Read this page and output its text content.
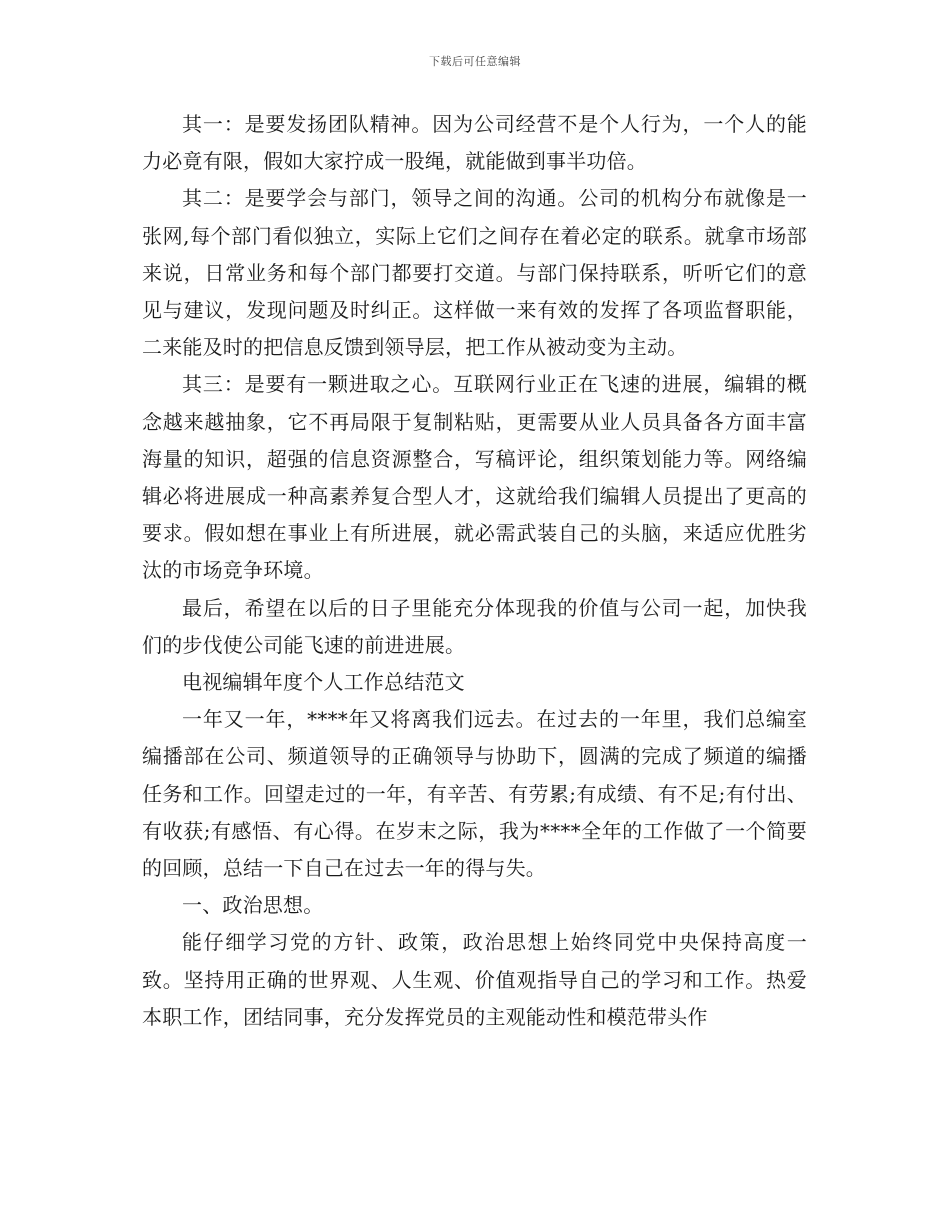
下载后可任意编辑

其一：是要发扬团队精神。因为公司经营不是个人行为，一个人的能力必竟有限，假如大家拧成一股绳，就能做到事半功倍。

其二：是要学会与部门，领导之间的沟通。公司的机构分布就像是一张网,每个部门看似独立，实际上它们之间存在着必定的联系。就拿市场部来说，日常业务和每个部门都要打交道。与部门保持联系，听听它们的意见与建议，发现问题及时纠正。这样做一来有效的发挥了各项监督职能，二来能及时的把信息反馈到领导层，把工作从被动变为主动。

其三：是要有一颗进取之心。互联网行业正在飞速的进展，编辑的概念越来越抽象，它不再局限于复制粘贴，更需要从业人员具备各方面丰富海量的知识，超强的信息资源整合，写稿评论，组织策划能力等。网络编辑必将进展成一种高素养复合型人才，这就给我们编辑人员提出了更高的要求。假如想在事业上有所进展，就必需武装自己的头脑，来适应优胜劣汰的市场竞争环境。

最后，希望在以后的日子里能充分体现我的价值与公司一起，加快我们的步伐使公司能飞速的前进进展。

电视编辑年度个人工作总结范文

一年又一年，****年又将离我们远去。在过去的一年里，我们总编室编播部在公司、频道领导的正确领导与协助下，圆满的完成了频道的编播任务和工作。回望走过的一年，有辛苦、有劳累;有成绩、有不足;有付出、有收获;有感悟、有心得。在岁末之际，我为****全年的工作做了一个简要的回顾，总结一下自己在过去一年的得与失。

一、政治思想。

能仔细学习党的方针、政策，政治思想上始终同党中央保持高度一致。坚持用正确的世界观、人生观、价值观指导自己的学习和工作。热爱本职工作，团结同事，充分发挥党员的主观能动性和模范带头作
